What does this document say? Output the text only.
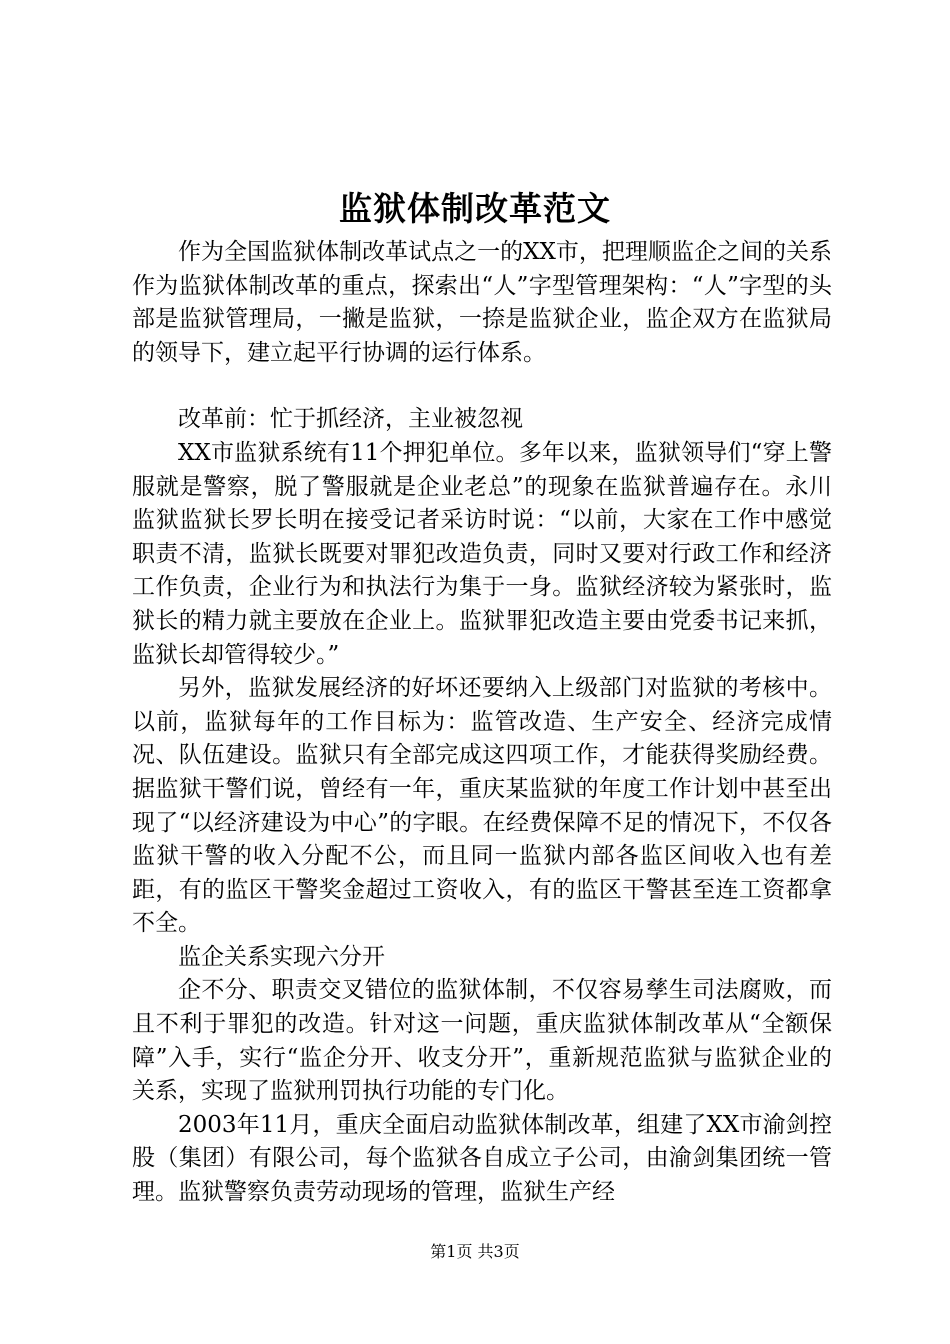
监狱体制改革范文

作为全国监狱体制改革试点之一的XX市，把理顺监企之间的关系作为监狱体制改革的重点，探索出“人”字型管理架构：“人”字型的头部是监狱管理局，一撇是监狱，一捺是监狱企业，监企双方在监狱局的领导下，建立起平行协调的运行体系。

改革前：忙于抓经济，主业被忽视

XX市监狱系统有11个押犯单位。多年以来，监狱领导们“穿上警服就是警察，脱了警服就是企业老总”的现象在监狱普遍存在。永川监狱监狱长罗长明在接受记者采访时说：“以前，大家在工作中感觉职责不清，监狱长既要对罪犯改造负责，同时又要对行政工作和经济工作负责，企业行为和执法行为集于一身。监狱经济较为紧张时，监狱长的精力就主要放在企业上。监狱罪犯改造主要由党委书记来抓，监狱长却管得较少。”

另外，监狱发展经济的好坏还要纳入上级部门对监狱的考核中。以前，监狱每年的工作目标为：监管改造、生产安全、经济完成情况、队伍建设。监狱只有全部完成这四项工作，才能获得奖励经费。据监狱干警们说，曾经有一年，重庆某监狱的年度工作计划中甚至出现了“以经济建设为中心”的字眼。在经费保障不足的情况下，不仅各监狱干警的收入分配不公，而且同一监狱内部各监区间收入也有差距，有的监区干警奖金超过工资收入，有的监区干警甚至连工资都拿不全。

监企关系实现六分开

企不分、职责交叉错位的监狱体制，不仅容易孳生司法腐败，而且不利于罪犯的改造。针对这一问题，重庆监狱体制改革从“全额保障”入手，实行“监企分开、收支分开”，重新规范监狱与监狱企业的关系，实现了监狱刑罚执行功能的专门化。

2003年11月，重庆全面启动监狱体制改革，组建了XX市渝剑控股（集团）有限公司，每个监狱各自成立子公司，由渝剑集团统一管理。监狱警察负责劳动现场的管理，监狱生产经

第1页 共3页
